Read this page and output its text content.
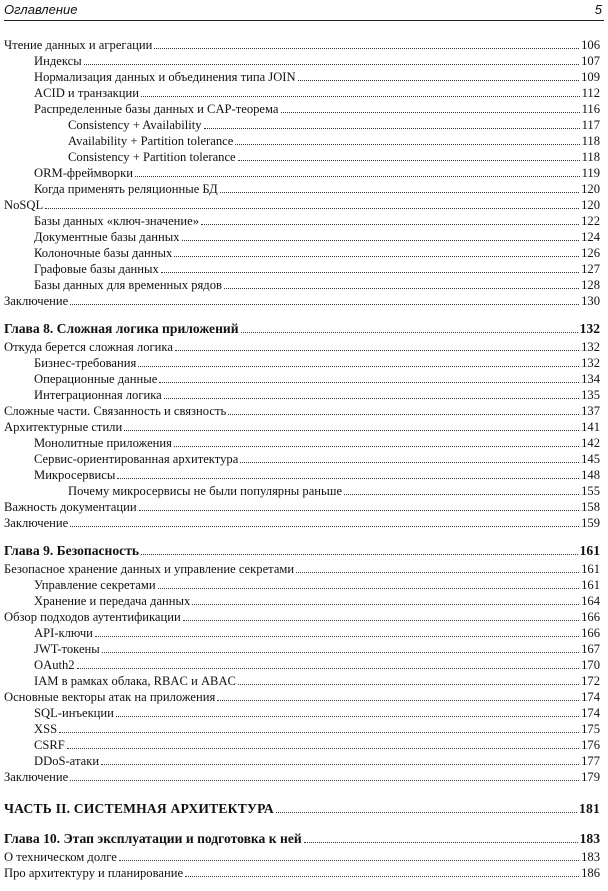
Оглавление	5
Чтение данных и агрегации	106
Индексы	107
Нормализация данных и объединения типа JOIN	109
ACID и транзакции	112
Распределенные базы данных и CAP-теорема	116
Consistency + Availability	117
Availability + Partition tolerance	118
Consistency + Partition tolerance	118
ORM-фреймворки	119
Когда применять реляционные БД	120
NoSQL	120
Базы данных «ключ-значение»	122
Документные базы данных	124
Колоночные базы данных	126
Графовые базы данных	127
Базы данных для временных рядов	128
Заключение	130
Глава 8. Сложная логика приложений	132
Откуда берется сложная логика	132
Бизнес-требования	132
Операционные данные	134
Интеграционная логика	135
Сложные части. Связанность и связность	137
Архитектурные стили	141
Монолитные приложения	142
Сервис-ориентированная архитектура	145
Микросервисы	148
Почему микросервисы не были популярны раньше	155
Важность документации	158
Заключение	159
Глава 9. Безопасность	161
Безопасное хранение данных и управление секретами	161
Управление секретами	161
Хранение и передача данных	164
Обзор подходов аутентификации	166
API-ключи	166
JWT-токены	167
OAuth2	170
IAM в рамках облака, RBAC и ABAC	172
Основные векторы атак на приложения	174
SQL-инъекции	174
XSS	175
CSRF	176
DDoS-атаки	177
Заключение	179
ЧАСТЬ II. СИСТЕМНАЯ АРХИТЕКТУРА	181
Глава 10. Этап эксплуатации и подготовка к ней	183
О техническом долге	183
Про архитектуру и планирование	186
